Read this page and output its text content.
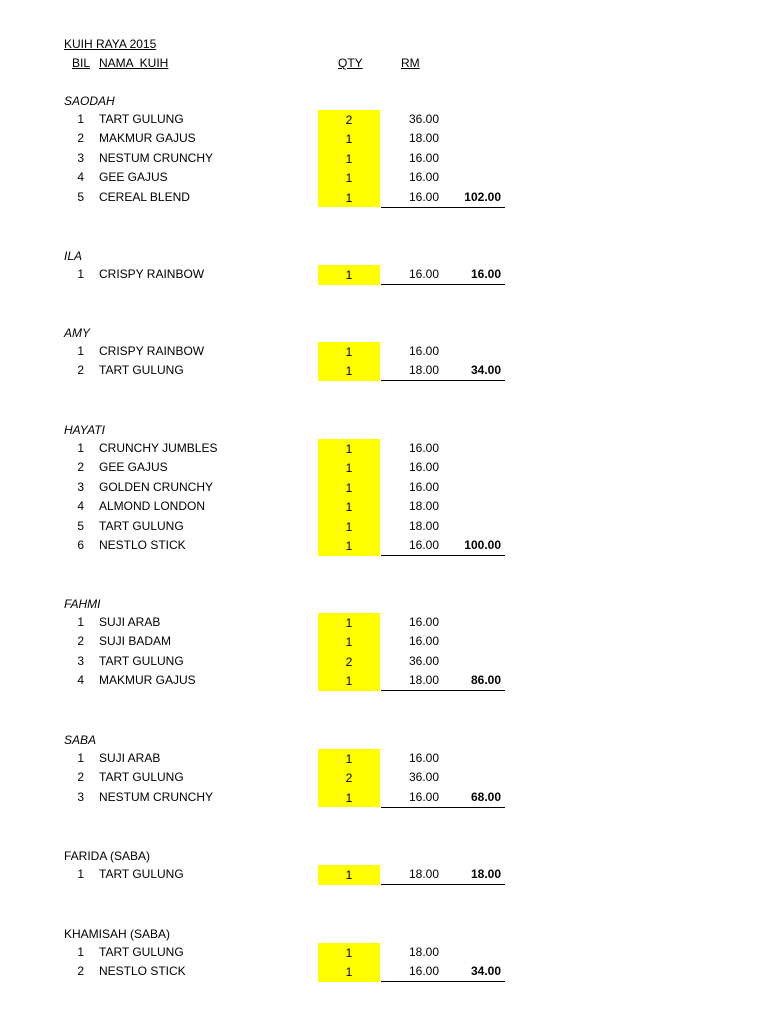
KUIH RAYA 2015
BIL NAMA  KUIH	QTY	RM
SAODAH
1 TART GULUNG	2	36.00
2 MAKMUR GAJUS	1	18.00
3 NESTUM CRUNCHY	1	16.00
4 GEE GAJUS	1	16.00
5 CEREAL BLEND	1	16.00	102.00
ILA
1 CRISPY RAINBOW	1	16.00	16.00
AMY
1 CRISPY RAINBOW	1	16.00
2 TART GULUNG	1	18.00	34.00
HAYATI
1 CRUNCHY JUMBLES	1	16.00
2 GEE GAJUS	1	16.00
3 GOLDEN CRUNCHY	1	16.00
4 ALMOND LONDON	1	18.00
5 TART GULUNG	1	18.00
6 NESTLO STICK	1	16.00	100.00
FAHMI
1 SUJI ARAB	1	16.00
2 SUJI BADAM	1	16.00
3 TART GULUNG	2	36.00
4 MAKMUR GAJUS	1	18.00	86.00
SABA
1 SUJI ARAB	1	16.00
2 TART GULUNG	2	36.00
3 NESTUM CRUNCHY	1	16.00	68.00
FARIDA (SABA)
1 TART GULUNG	1	18.00	18.00
KHAMISAH (SABA)
1 TART GULUNG	1	18.00
2 NESTLO STICK	1	16.00	34.00
